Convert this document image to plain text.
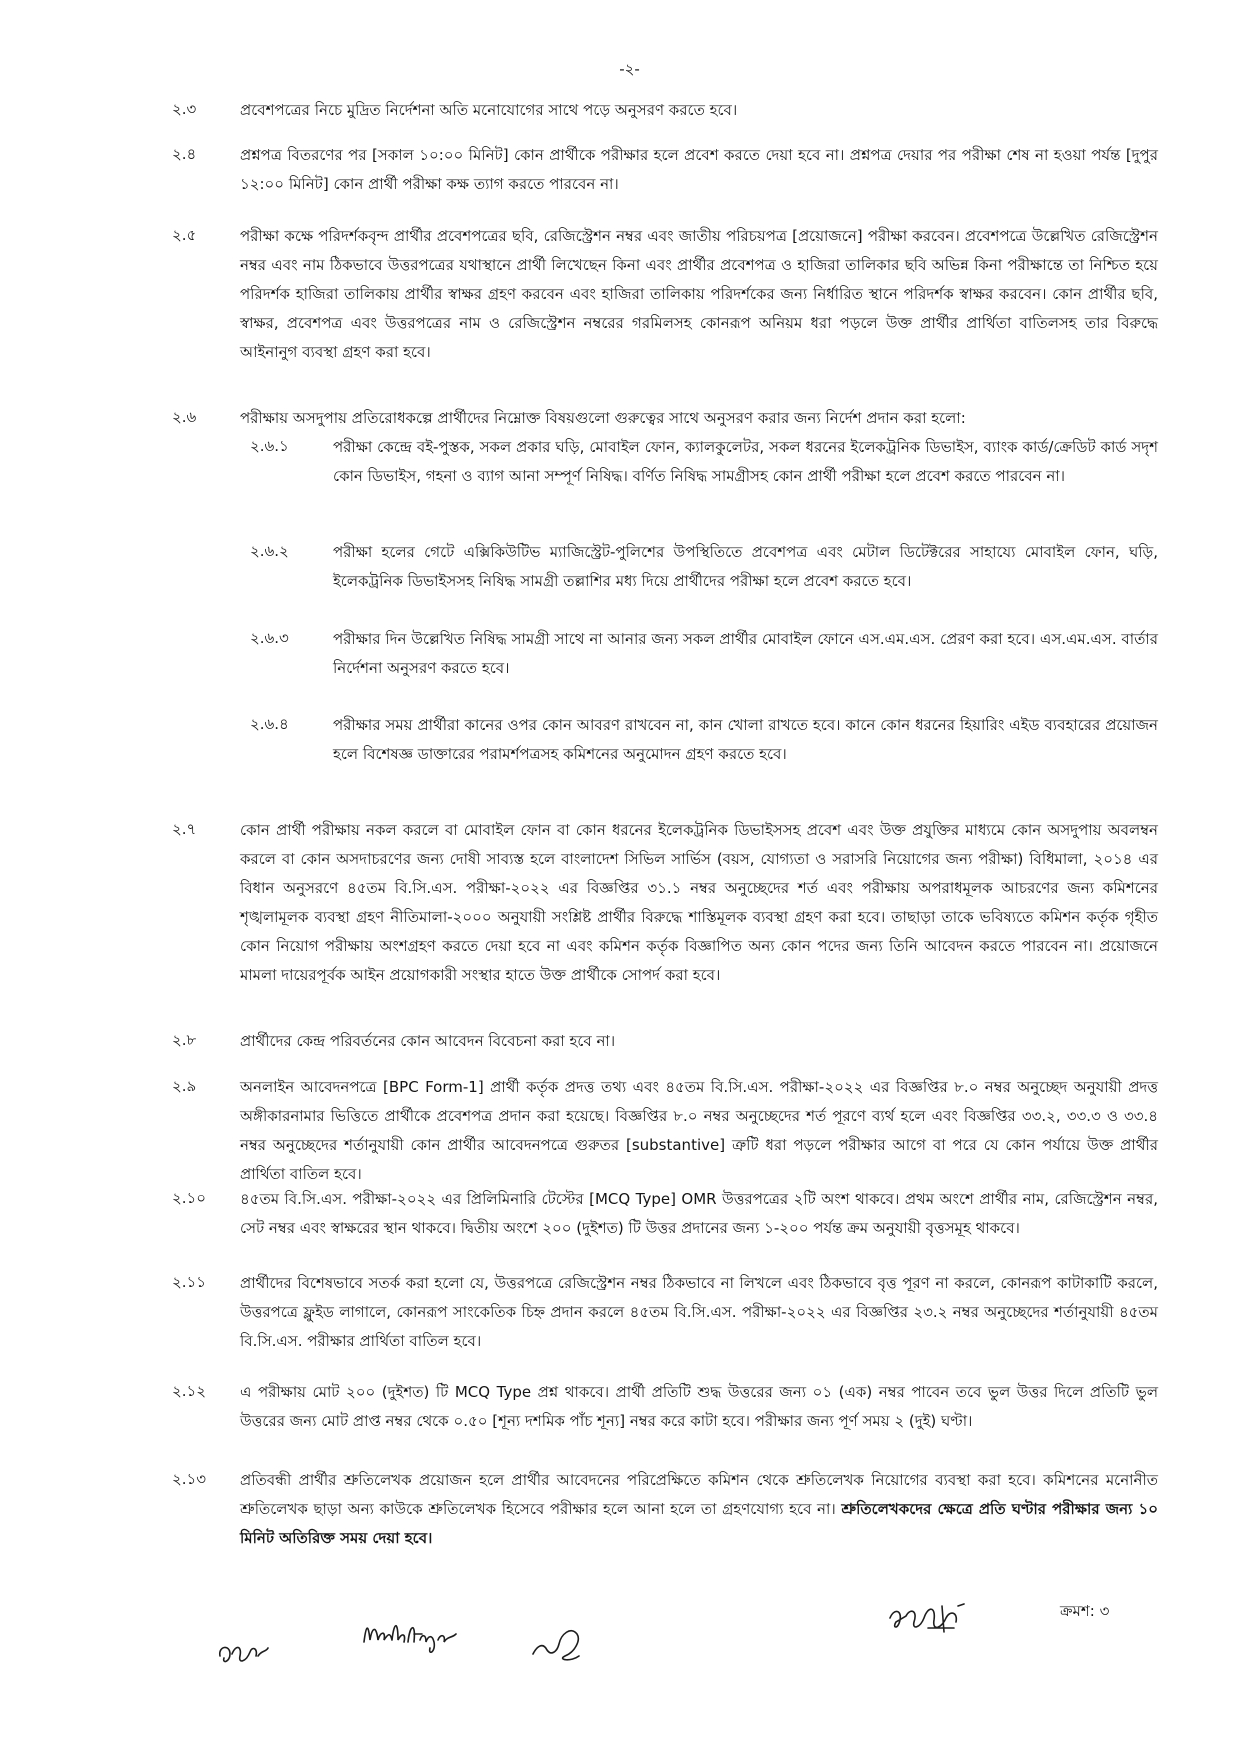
-২-
২.৩	প্রবেশপত্রের নিচে মুদ্রিত নির্দেশনা অতি মনোযোগের সাথে পড়ে অনুসরণ করতে হবে।

২.৪	প্রশ্নপত্র বিতরণের পর [সকাল ১০:০০ মিনিট] কোন প্রার্থীকে পরীক্ষার হলে প্রবেশ করতে দেয়া হবে না। প্রশ্নপত্র দেয়ার পর পরীক্ষা শেষ না হওয়া পর্যন্ত [দুপুর ১২:০০ মিনিট] কোন প্রার্থী পরীক্ষা কক্ষ ত্যাগ করতে পারবেন না।

২.৫	পরীক্ষা কক্ষে পরিদর্শকবৃন্দ প্রার্থীর প্রবেশপত্রের ছবি, রেজিস্ট্রেশন নম্বর এবং জাতীয় পরিচয়পত্র [প্রয়োজনে] পরীক্ষা করবেন। প্রবেশপত্রে উল্লেখিত রেজিস্ট্রেশন নম্বর এবং নাম ঠিকভাবে উত্তরপত্রের যথাস্থানে প্রার্থী লিখেছেন কিনা এবং প্রার্থীর প্রবেশপত্র ও হাজিরা তালিকার ছবি অভিন্ন কিনা পরীক্ষান্তে তা নিশ্চিত হয়ে পরিদর্শক হাজিরা তালিকায় প্রার্থীর স্বাক্ষর গ্রহণ করবেন এবং হাজিরা তালিকায় পরিদর্শকের জন্য নির্ধারিত স্থানে পরিদর্শক স্বাক্ষর করবেন। কোন প্রার্থীর ছবি, স্বাক্ষর, প্রবেশপত্র এবং উত্তরপত্রের নাম ও রেজিস্ট্রেশন নম্বরের গরমিলসহ কোনরূপ অনিয়ম ধরা পড়লে উক্ত প্রার্থীর প্রার্থিতা বাতিলসহ তার বিরুদ্ধে আইনানুগ ব্যবস্থা গ্রহণ করা হবে।

২.৬	পরীক্ষায় অসদুপায় প্রতিরোধকল্পে প্রার্থীদের নিম্নোক্ত বিষয়গুলো গুরুত্বের সাথে অনুসরণ করার জন্য নির্দেশ প্রদান করা হলো:

২.৬.১	পরীক্ষা কেন্দ্রে বই-পুস্তক, সকল প্রকার ঘড়ি, মোবাইল ফোন, ক্যালকুলেটর, সকল ধরনের ইলেকট্রনিক ডিভাইস, ব্যাংক কার্ড/ক্রেডিট কার্ড সদৃশ কোন ডিভাইস, গহনা ও ব্যাগ আনা সম্পূর্ণ নিষিদ্ধ। বর্ণিত নিষিদ্ধ সামগ্রীসহ কোন প্রার্থী পরীক্ষা হলে প্রবেশ করতে পারবেন না।

২.৬.২	পরীক্ষা হলের গেটে এক্সিকিউটিভ ম্যাজিস্ট্রেট-পুলিশের উপস্থিতিতে প্রবেশপত্র এবং মেটাল ডিটেক্টরের সাহায্যে মোবাইল ফোন, ঘড়ি, ইলেকট্রনিক ডিভাইসসহ নিষিদ্ধ সামগ্রী তল্লাশির মধ্য দিয়ে প্রার্থীদের পরীক্ষা হলে প্রবেশ করতে হবে।

২.৬.৩	পরীক্ষার দিন উল্লেখিত নিষিদ্ধ সামগ্রী সাথে না আনার জন্য সকল প্রার্থীর মোবাইল ফোনে এস.এম.এস. প্রেরণ করা হবে। এস.এম.এস. বার্তার নির্দেশনা অনুসরণ করতে হবে।

২.৬.৪	পরীক্ষার সময় প্রার্থীরা কানের ওপর কোন আবরণ রাখবেন না, কান খোলা রাখতে হবে। কানে কোন ধরনের হিয়ারিং এইড ব্যবহারের প্রয়োজন হলে বিশেষজ্ঞ ডাক্তারের পরামর্শপত্রসহ কমিশনের অনুমোদন গ্রহণ করতে হবে।

২.৭	কোন প্রার্থী পরীক্ষায় নকল করলে বা মোবাইল ফোন বা কোন ধরনের ইলেকট্রনিক ডিভাইসসহ প্রবেশ এবং উক্ত প্রযুক্তির মাধ্যমে কোন অসদুপায় অবলম্বন করলে বা কোন অসদাচরণের জন্য দোষী সাব্যস্ত হলে বাংলাদেশ সিভিল সার্ভিস (বয়স, যোগ্যতা ও সরাসরি নিয়োগের জন্য পরীক্ষা) বিধিমালা, ২০১৪ এর বিধান অনুসরণে ৪৫তম বি.সি.এস. পরীক্ষা-২০২২ এর বিজ্ঞপ্তির ৩১.১ নম্বর অনুচ্ছেদের শর্ত এবং পরীক্ষায় অপরাধমূলক আচরণের জন্য কমিশনের শৃঙ্খলামূলক ব্যবস্থা গ্রহণ নীতিমালা-২০০০ অনুযায়ী সংশ্লিষ্ট প্রার্থীর বিরুদ্ধে শাস্তিমূলক ব্যবস্থা গ্রহণ করা হবে। তাছাড়া তাকে ভবিষ্যতে কমিশন কর্তৃক গৃহীত কোন নিয়োগ পরীক্ষায় অংশগ্রহণ করতে দেয়া হবে না এবং কমিশন কর্তৃক বিজ্ঞাপিত অন্য কোন পদের জন্য তিনি আবেদন করতে পারবেন না। প্রয়োজনে মামলা দায়েরপূর্বক আইন প্রয়োগকারী সংস্থার হাতে উক্ত প্রার্থীকে সোপর্দ করা হবে।

২.৮	প্রার্থীদের কেন্দ্র পরিবর্তনের কোন আবেদন বিবেচনা করা হবে না।

২.৯	অনলাইন আবেদনপত্রে [BPC Form-1] প্রার্থী কর্তৃক প্রদত্ত তথ্য এবং ৪৫তম বি.সি.এস. পরীক্ষা-২০২২ এর বিজ্ঞপ্তির ৮.০ নম্বর অনুচ্ছেদ অনুযায়ী প্রদত্ত অঙ্গীকারনামার ভিত্তিতে প্রার্থীকে প্রবেশপত্র প্রদান করা হয়েছে। বিজ্ঞপ্তির ৮.০ নম্বর অনুচ্ছেদের শর্ত পূরণে ব্যর্থ হলে এবং বিজ্ঞপ্তির ৩৩.২, ৩৩.৩ ও ৩৩.৪ নম্বর অনুচ্ছেদের শর্তানুযায়ী কোন প্রার্থীর আবেদনপত্রে গুরুতর [substantive] ত্রুটি ধরা পড়লে পরীক্ষার আগে বা পরে যে কোন পর্যায়ে উক্ত প্রার্থীর প্রার্থিতা বাতিল হবে।

২.১০ ৪৫তম বি.সি.এস. পরীক্ষা-২০২২ এর প্রিলিমিনারি টেস্টের [MCQ Type] OMR উত্তরপত্রের ২টি অংশ থাকবে। প্রথম অংশে প্রার্থীর নাম, রেজিস্ট্রেশন নম্বর, সেট নম্বর এবং স্বাক্ষরের স্থান থাকবে। দ্বিতীয় অংশে ২০০ (দুইশত) টি উত্তর প্রদানের জন্য ১-২০০ পর্যন্ত ক্রম অনুযায়ী বৃত্তসমূহ থাকবে।

২.১১ প্রার্থীদের বিশেষভাবে সতর্ক করা হলো যে, উত্তরপত্রে রেজিস্ট্রেশন নম্বর ঠিকভাবে না লিখলে এবং ঠিকভাবে বৃত্ত পূরণ না করলে, কোনরূপ কাটাকাটি করলে, উত্তরপত্রে ফ্লুইড লাগালে, কোনরূপ সাংকেতিক চিহ্ন প্রদান করলে ৪৫তম বি.সি.এস. পরীক্ষা-২০২২ এর বিজ্ঞপ্তির ২৩.২ নম্বর অনুচ্ছেদের শর্তানুযায়ী ৪৫তম বি.সি.এস. পরীক্ষার প্রার্থিতা বাতিল হবে।

২.১২ এ পরীক্ষায় মোট ২০০ (দুইশত) টি MCQ Type প্রশ্ন থাকবে। প্রার্থী প্রতিটি শুদ্ধ উত্তরের জন্য ০১ (এক) নম্বর পাবেন তবে ভুল উত্তর দিলে প্রতিটি ভুল উত্তরের জন্য মোট প্রাপ্ত নম্বর থেকে ০.৫০ [শূন্য দশমিক পাঁচ শূন্য] নম্বর করে কাটা হবে। পরীক্ষার জন্য পূর্ণ সময় ২ (দুই) ঘণ্টা।

২.১৩ প্রতিবন্ধী প্রার্থীর শ্রুতিলেখক প্রয়োজন হলে প্রার্থীর আবেদনের পরিপ্রেক্ষিতে কমিশন থেকে শ্রুতিলেখক নিয়োগের ব্যবস্থা করা হবে। কমিশনের মনোনীত শ্রুতিলেখক ছাড়া অন্য কাউকে শ্রুতিলেখক হিসেবে পরীক্ষার হলে আনা হলে তা গ্রহণযোগ্য হবে না। শ্রুতিলেখকদের ক্ষেত্রে প্রতি ঘণ্টার পরীক্ষার জন্য ১০ মিনিট অতিরিক্ত সময় দেয়া হবে।

ক্রমশ: ৩
